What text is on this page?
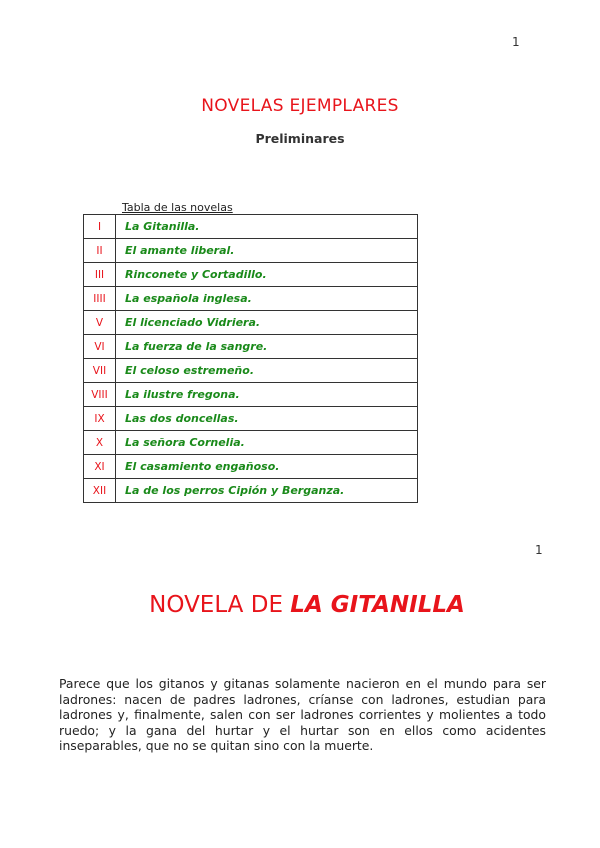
1
NOVELAS EJEMPLARES
Preliminares
Tabla de las novelas
I	La Gitanilla.
II	El amante liberal.
III	Rinconete y Cortadillo.
IIII	La española inglesa.
V	El licenciado Vidriera.
VI	La fuerza de la sangre.
VII	El celoso estremeño.
VIII	La ilustre fregona.
IX	Las dos doncellas.
X	La señora Cornelia.
XI	El casamiento engañoso.
XII	La de los perros Cipión y Berganza.
1
NOVELA DE LA GITANILLA
Parece que los gitanos y gitanas solamente nacieron en el mundo para ser ladrones: nacen de padres ladrones, críanse con ladrones, estudian para ladrones y, finalmente, salen con ser ladrones corrientes y molientes a todo ruedo; y la gana del hurtar y el hurtar son en ellos como acidentes inseparables, que no se quitan sino con la muerte.
